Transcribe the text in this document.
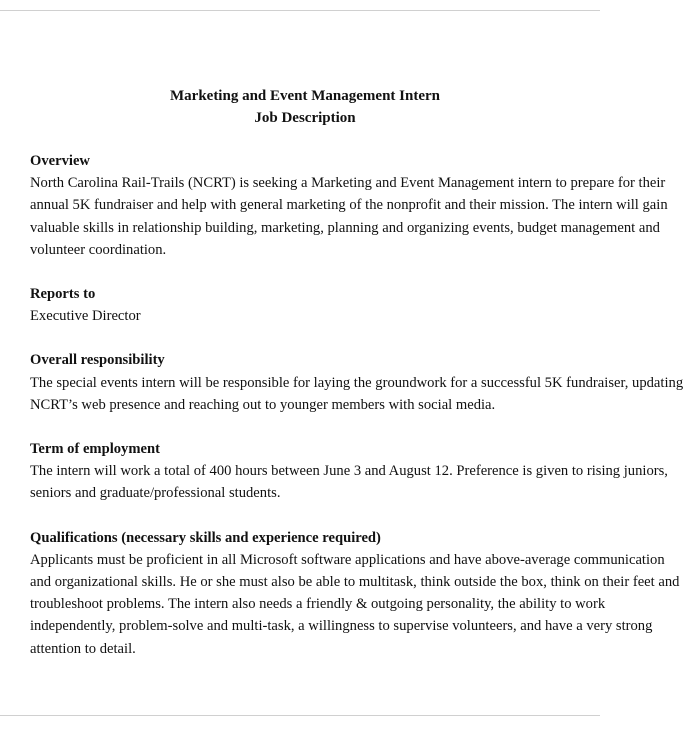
Marketing and Event Management Intern
Job Description
Overview
North Carolina Rail-Trails (NCRT) is seeking a Marketing and Event Management intern to prepare for their
annual 5K fundraiser and help with general marketing of the nonprofit and their mission. The intern will gain
valuable skills in relationship building, marketing, planning and organizing events, budget management and
volunteer coordination.
Reports to
Executive Director
Overall responsibility
The special events intern will be responsible for laying the groundwork for a successful 5K fundraiser, updating
NCRT’s web presence and reaching out to younger members with social media.
Term of employment
The intern will work a total of 400 hours between June 3 and August 12. Preference is given to rising juniors,
seniors and graduate/professional students.
Qualifications (necessary skills and experience required)
Applicants must be proficient in all Microsoft software applications and have above-average communication
and organizational skills. He or she must also be able to multitask, think outside the box, think on their feet and
troubleshoot problems. The intern also needs a friendly & outgoing personality, the ability to work
independently, problem-solve and multi-task, a willingness to supervise volunteers, and have a very strong
attention to detail.
